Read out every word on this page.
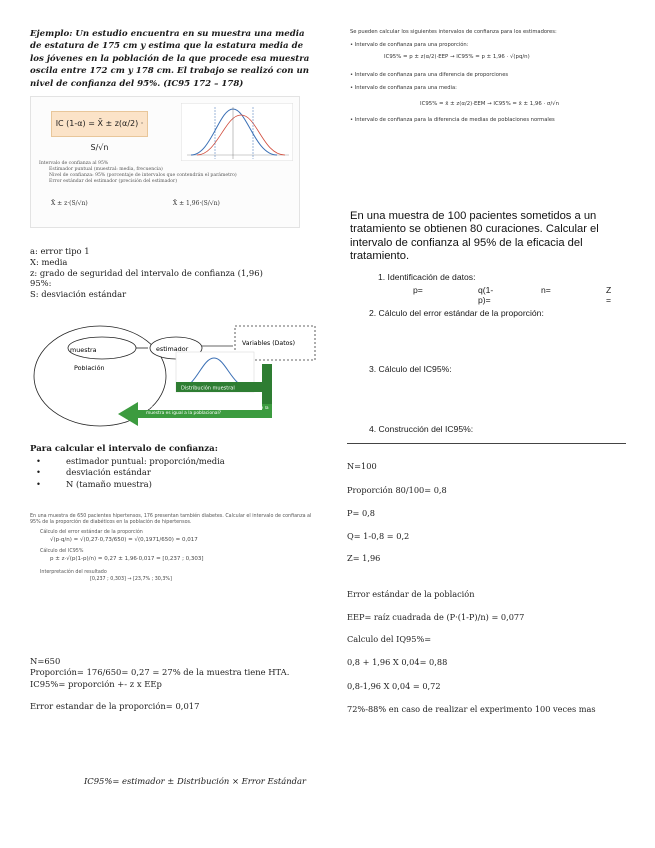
Ejemplo: Un estudio encuentra en su muestra una media de estatura de 175 cm y estima que la estatura media de los jóvenes en la población de la que procede esa muestra oscila entre 172 cm y 178 cm. El trabajo se realizó con un nivel de confianza del 95%. (IC95 172 – 178)
IC (1-α) = X̄ ± z(α/2) · S/√n
Intervalo de confianza al 95%
Estimador puntual (muestral: media, frecuencia)
Nivel de confianza: 95% (porcentaje de intervalos que contendrán el parámetro)
Error estándar del estimador (precisión del estimador)
X̄ ± z·(S/√n)	X̄ ± 1,96·(S/√n)
a: error tipo 1
X: media
z: grado de seguridad del intervalo de confianza (1,96)
95%:
S: desviación estándar
muestra	estimador
Población
Variables (Datos)
Distribución muestral
Si la muestra representa a la población, ¿la media de la muestra es igual a la poblacional?
Para calcular el intervalo de confianza:
• estimador puntual: proporción/media
• desviación estándar
• N (tamaño muestra)
En una muestra de 650 pacientes hipertensos, 176 presentan también diabetes. Calcular el intervalo de confianza al 95% de la proporción de diabéticos en la población de hipertensos.
Cálculo del error estándar de la proporción
√(p·q/n) = √(0,27·0,73/650) = √(0,1971/650) = 0,017
Cálculo del IC95%
p ± z·√(p(1-p)/n) = 0,27 ± 1,96·0,017 = [0,237 ; 0,303]
Interpretación del resultado
[0,237 ; 0,303] → [23,7% ; 30,3%]
N=650
Proporción= 176/650= 0,27 = 27% de la muestra tiene HTA.
IC95%= proporción +- z x EEp
Error estandar de la proporción= 0,017
IC95%= estimador ± Distribución × Error Estándar
Se pueden calcular los siguientes intervalos de confianza para los estimadores:
• Intervalo de confianza para una proporción:
IC95% = p ± z(α/2)·EEP → IC95% = p ± 1,96 · √(pq/n)
• Intervalo de confianza para una diferencia de proporciones
• Intervalo de confianza para una media:
IC95% = x̄ ± z(α/2)·EEM → IC95% = x̄ ± 1,96 · σ/√n
• Intervalo de confianza para la diferencia de medias de poblaciones normales
En una muestra de 100 pacientes sometidos a un tratamiento se obtienen 80 curaciones. Calcular el intervalo de confianza al 95% de la eficacia del tratamiento.
1. Identificación de datos:
p=	q(1-p)=
n=	Z =
2. Cálculo del error estándar de la proporción:
3. Cálculo del IC95%:
4. Construcción del IC95%:
N=100
Proporción 80/100= 0,8
P= 0,8
Q= 1-0,8 = 0,2
Z= 1,96
Error estándar de la población
EEP= raíz cuadrada de (P·(1-P)/n) = 0,077
Calculo del IQ95%=
0,8 + 1,96 X 0,04= 0,88
0,8-1,96 X 0,04 = 0,72
72%-88% en caso de realizar el experimento 100 veces mas
